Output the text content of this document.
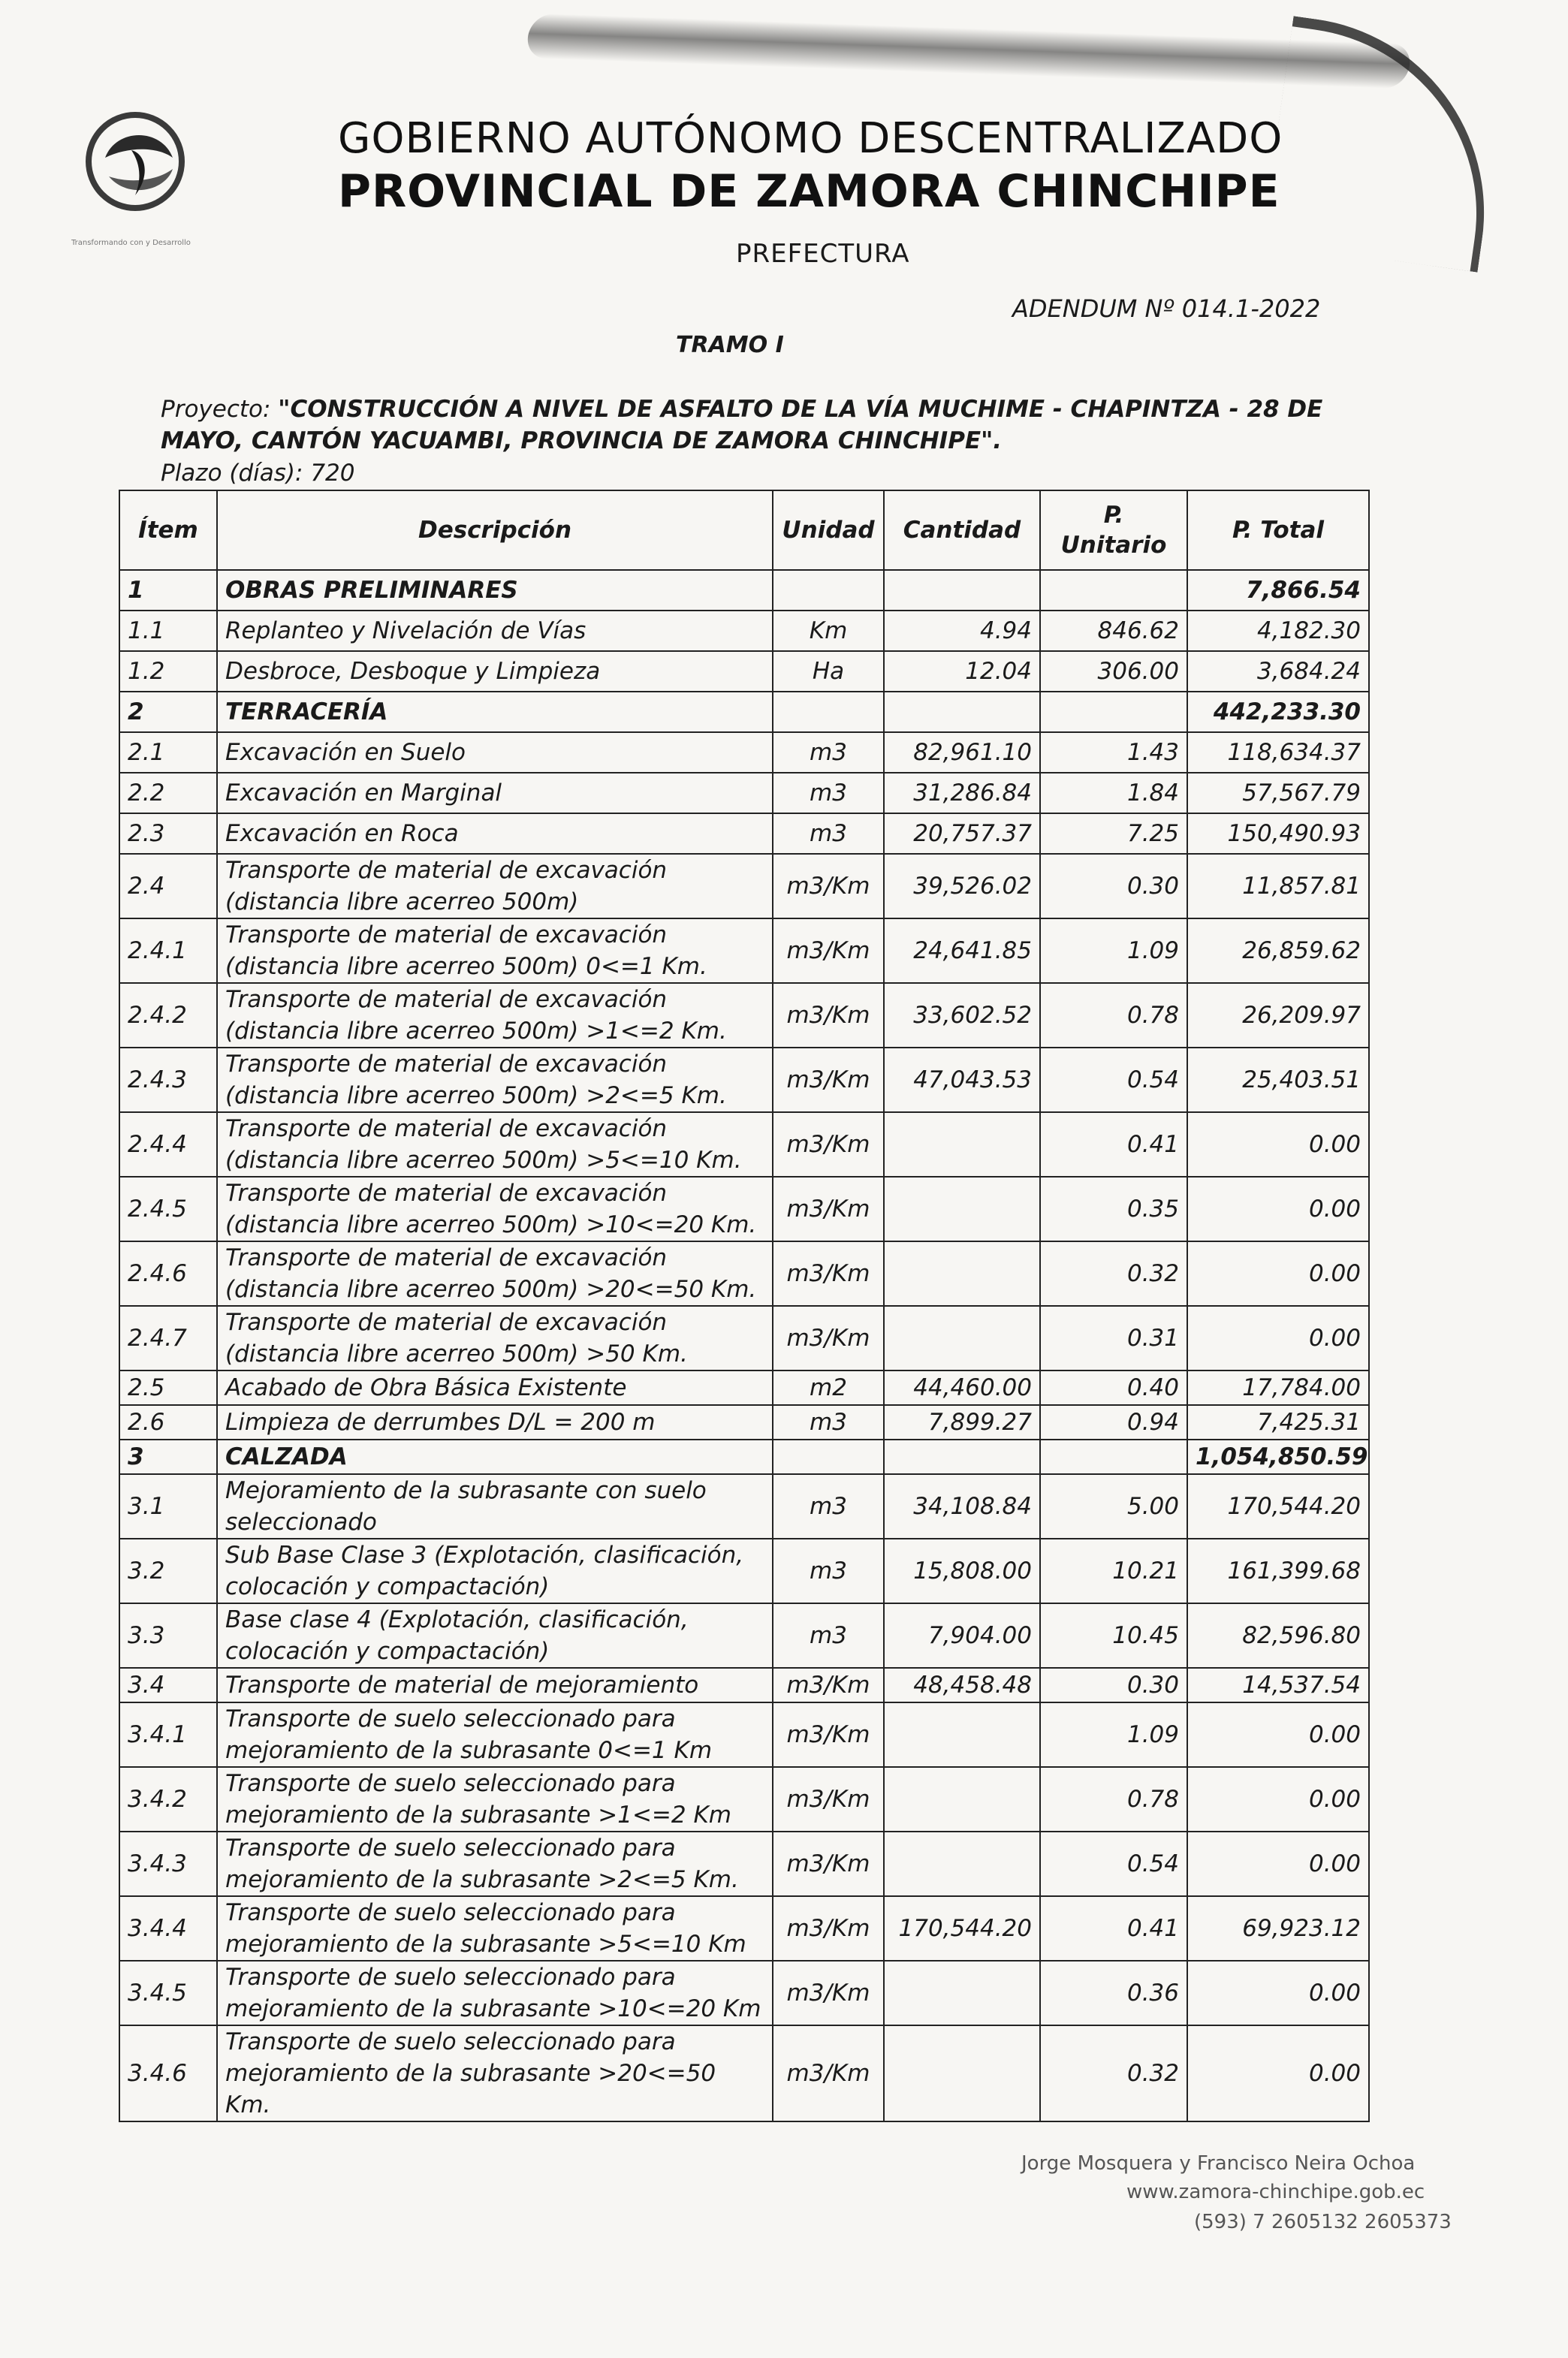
Transformando con y Desarrollo
GOBIERNO AUTÓNOMO DESCENTRALIZADO
PROVINCIAL DE ZAMORA CHINCHIPE
PREFECTURA
ADENDUM Nº 014.1-2022
TRAMO I
Proyecto: "CONSTRUCCIÓN A NIVEL DE ASFALTO DE LA VÍA MUCHIME - CHAPINTZA - 28 DE MAYO, CANTÓN YACUAMBI, PROVINCIA DE ZAMORA CHINCHIPE".
Plazo (días): 720
Ítem	Descripción	Unidad	Cantidad	P. Unitario	P. Total
1	OBRAS PRELIMINARES				7,866.54
1.1	Replanteo y Nivelación de Vías	Km	4.94	846.62	4,182.30
1.2	Desbroce, Desboque y Limpieza	Ha	12.04	306.00	3,684.24
2	TERRACERÍA				442,233.30
2.1	Excavación en Suelo	m3	82,961.10	1.43	118,634.37
2.2	Excavación en Marginal	m3	31,286.84	1.84	57,567.79
2.3	Excavación en Roca	m3	20,757.37	7.25	150,490.93
2.4	Transporte de material de excavación (distancia libre acerreo 500m)	m3/Km	39,526.02	0.30	11,857.81
2.4.1	Transporte de material de excavación (distancia libre acerreo 500m) 0<=1 Km.	m3/Km	24,641.85	1.09	26,859.62
2.4.2	Transporte de material de excavación (distancia libre acerreo 500m) >1<=2 Km.	m3/Km	33,602.52	0.78	26,209.97
2.4.3	Transporte de material de excavación (distancia libre acerreo 500m) >2<=5 Km.	m3/Km	47,043.53	0.54	25,403.51
2.4.4	Transporte de material de excavación (distancia libre acerreo 500m) >5<=10 Km.	m3/Km		0.41	0.00
2.4.5	Transporte de material de excavación (distancia libre acerreo 500m) >10<=20 Km.	m3/Km		0.35	0.00
2.4.6	Transporte de material de excavación (distancia libre acerreo 500m) >20<=50 Km.	m3/Km		0.32	0.00
2.4.7	Transporte de material de excavación (distancia libre acerreo 500m) >50 Km.	m3/Km		0.31	0.00
2.5	Acabado de Obra Básica Existente	m2	44,460.00	0.40	17,784.00
2.6	Limpieza de derrumbes D/L = 200 m	m3	7,899.27	0.94	7,425.31
3	CALZADA				1,054,850.59
3.1	Mejoramiento de la subrasante con suelo seleccionado	m3	34,108.84	5.00	170,544.20
3.2	Sub Base Clase 3 (Explotación, clasificación, colocación y compactación)	m3	15,808.00	10.21	161,399.68
3.3	Base clase 4 (Explotación, clasificación, colocación y compactación)	m3	7,904.00	10.45	82,596.80
3.4	Transporte de material de mejoramiento	m3/Km	48,458.48	0.30	14,537.54
3.4.1	Transporte de suelo seleccionado para mejoramiento de la subrasante 0<=1 Km	m3/Km		1.09	0.00
3.4.2	Transporte de suelo seleccionado para mejoramiento de la subrasante >1<=2 Km	m3/Km		0.78	0.00
3.4.3	Transporte de suelo seleccionado para mejoramiento de la subrasante >2<=5 Km.	m3/Km		0.54	0.00
3.4.4	Transporte de suelo seleccionado para mejoramiento de la subrasante >5<=10 Km	m3/Km	170,544.20	0.41	69,923.12
3.4.5	Transporte de suelo seleccionado para mejoramiento de la subrasante >10<=20 Km	m3/Km		0.36	0.00
3.4.6	Transporte de suelo seleccionado para mejoramiento de la subrasante >20<=50 Km.	m3/Km		0.32	0.00
Jorge Mosquera y Francisco Neira Ochoa
www.zamora-chinchipe.gob.ec
(593) 7 2605132 2605373
